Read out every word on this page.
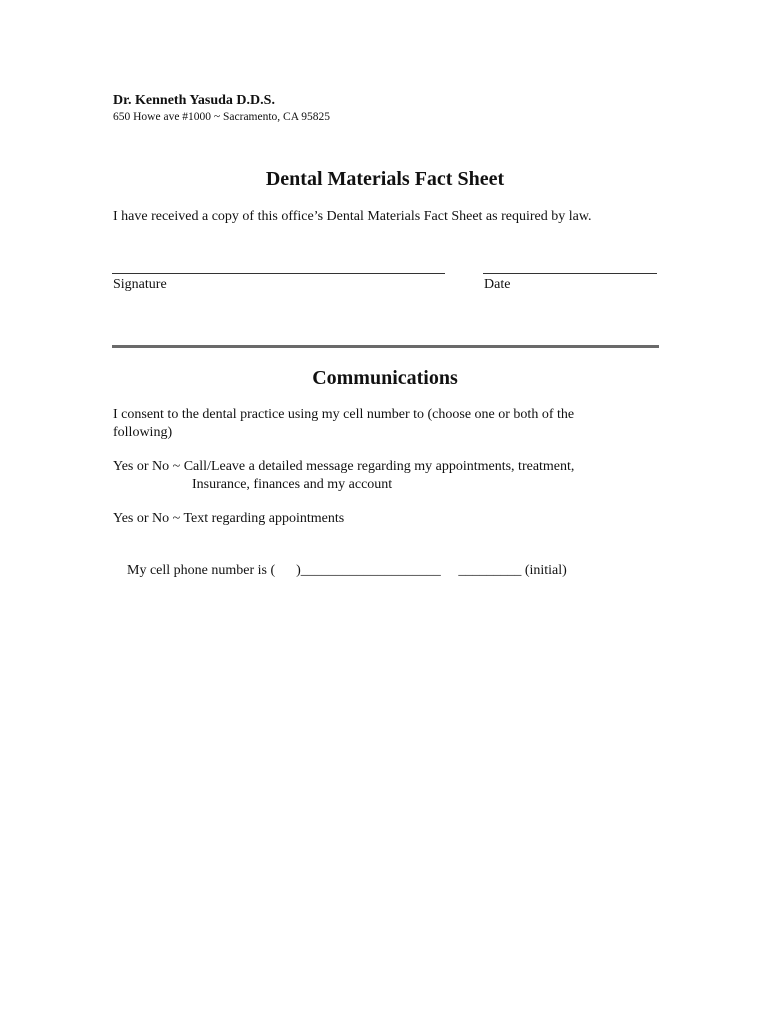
Dr. Kenneth Yasuda D.D.S.
650 Howe ave #1000 ~ Sacramento, CA 95825
Dental Materials Fact Sheet
I have received a copy of this office’s Dental Materials Fact Sheet as required by law.
Signature	Date
Communications
I consent to the dental practice using my cell number to (choose one or both of the following)
Yes or No ~ Call/Leave a detailed message regarding my appointments, treatment,
Insurance, finances and my account
Yes or No ~ Text regarding appointments

My cell phone number is (      )____________________     _________ (initial)
